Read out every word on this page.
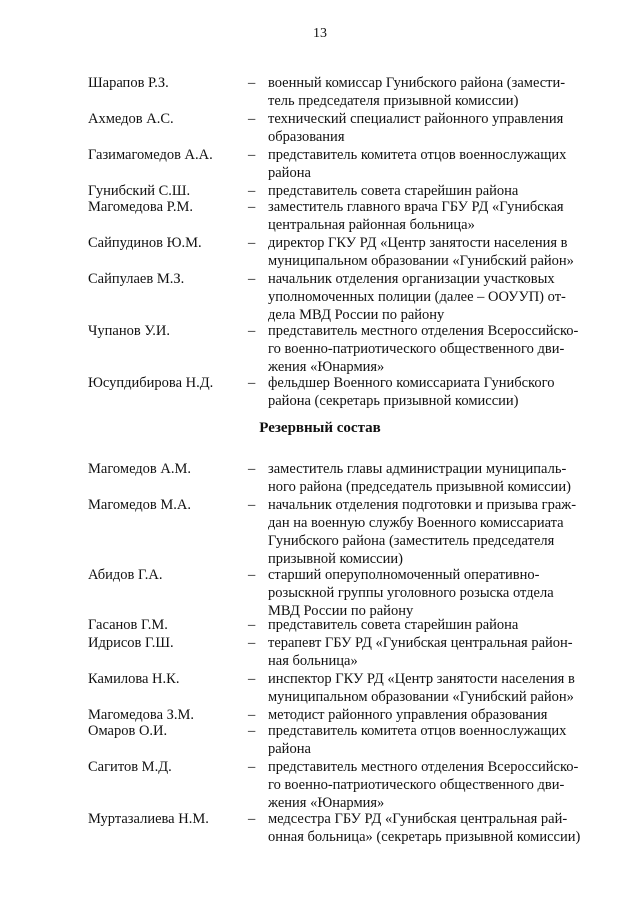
13
Шарапов Р.З.	– военный комиссар Гунибского района (замести-
тель председателя призывной комиссии)
Ахмедов А.С.	– технический специалист районного управления
образования
Газимагомедов А.А. – представитель комитета отцов военнослужащих
района
Гунибский С.Ш.	– представитель совета старейшин района
Магомедова Р.М.	– заместитель главного врача ГБУ РД «Гунибская
центральная районная больница»
Сайпудинов Ю.М.	– директор ГКУ РД «Центр занятости населения в
муниципальном образовании «Гунибский район»
Сайпулаев М.З.	– начальник отделения организации участковых
уполномоченных полиции (далее – ООУУП) от-
дела МВД России по району
Чупанов У.И.	– представитель местного отделения Всероссийско-
го военно-патриотического общественного дви-
жения «Юнармия»
Юсупдибирова Н.Д. – фельдшер Военного комиссариата Гунибского
района (секретарь призывной комиссии)
Резервный состав
Магомедов А.М.	– заместитель главы администрации муниципаль-
ного района (председатель призывной комиссии)
Магомедов М.А.	– начальник отделения подготовки и призыва граж-
дан на военную службу Военного комиссариата
Гунибского района (заместитель председателя
призывной комиссии)
Абидов Г.А.	– старший оперуполномоченный оперативно-
розыскной группы уголовного розыска отдела
МВД России по району
Гасанов Г.М.	– представитель совета старейшин района
Идрисов Г.Ш.	– терапевт ГБУ РД «Гунибская центральная район-
ная больница»
Камилова Н.К.	– инспектор ГКУ РД «Центр занятости населения в
муниципальном образовании «Гунибский район»
Магомедова З.М.	– методист районного управления образования
Омаров О.И.	– представитель комитета отцов военнослужащих
района
Сагитов М.Д.	– представитель местного отделения Всероссийско-
го военно-патриотического общественного дви-
жения «Юнармия»
Муртазалиева Н.М.	– медсестра ГБУ РД «Гунибская центральная рай-
онная больница» (секретарь призывной комиссии)
